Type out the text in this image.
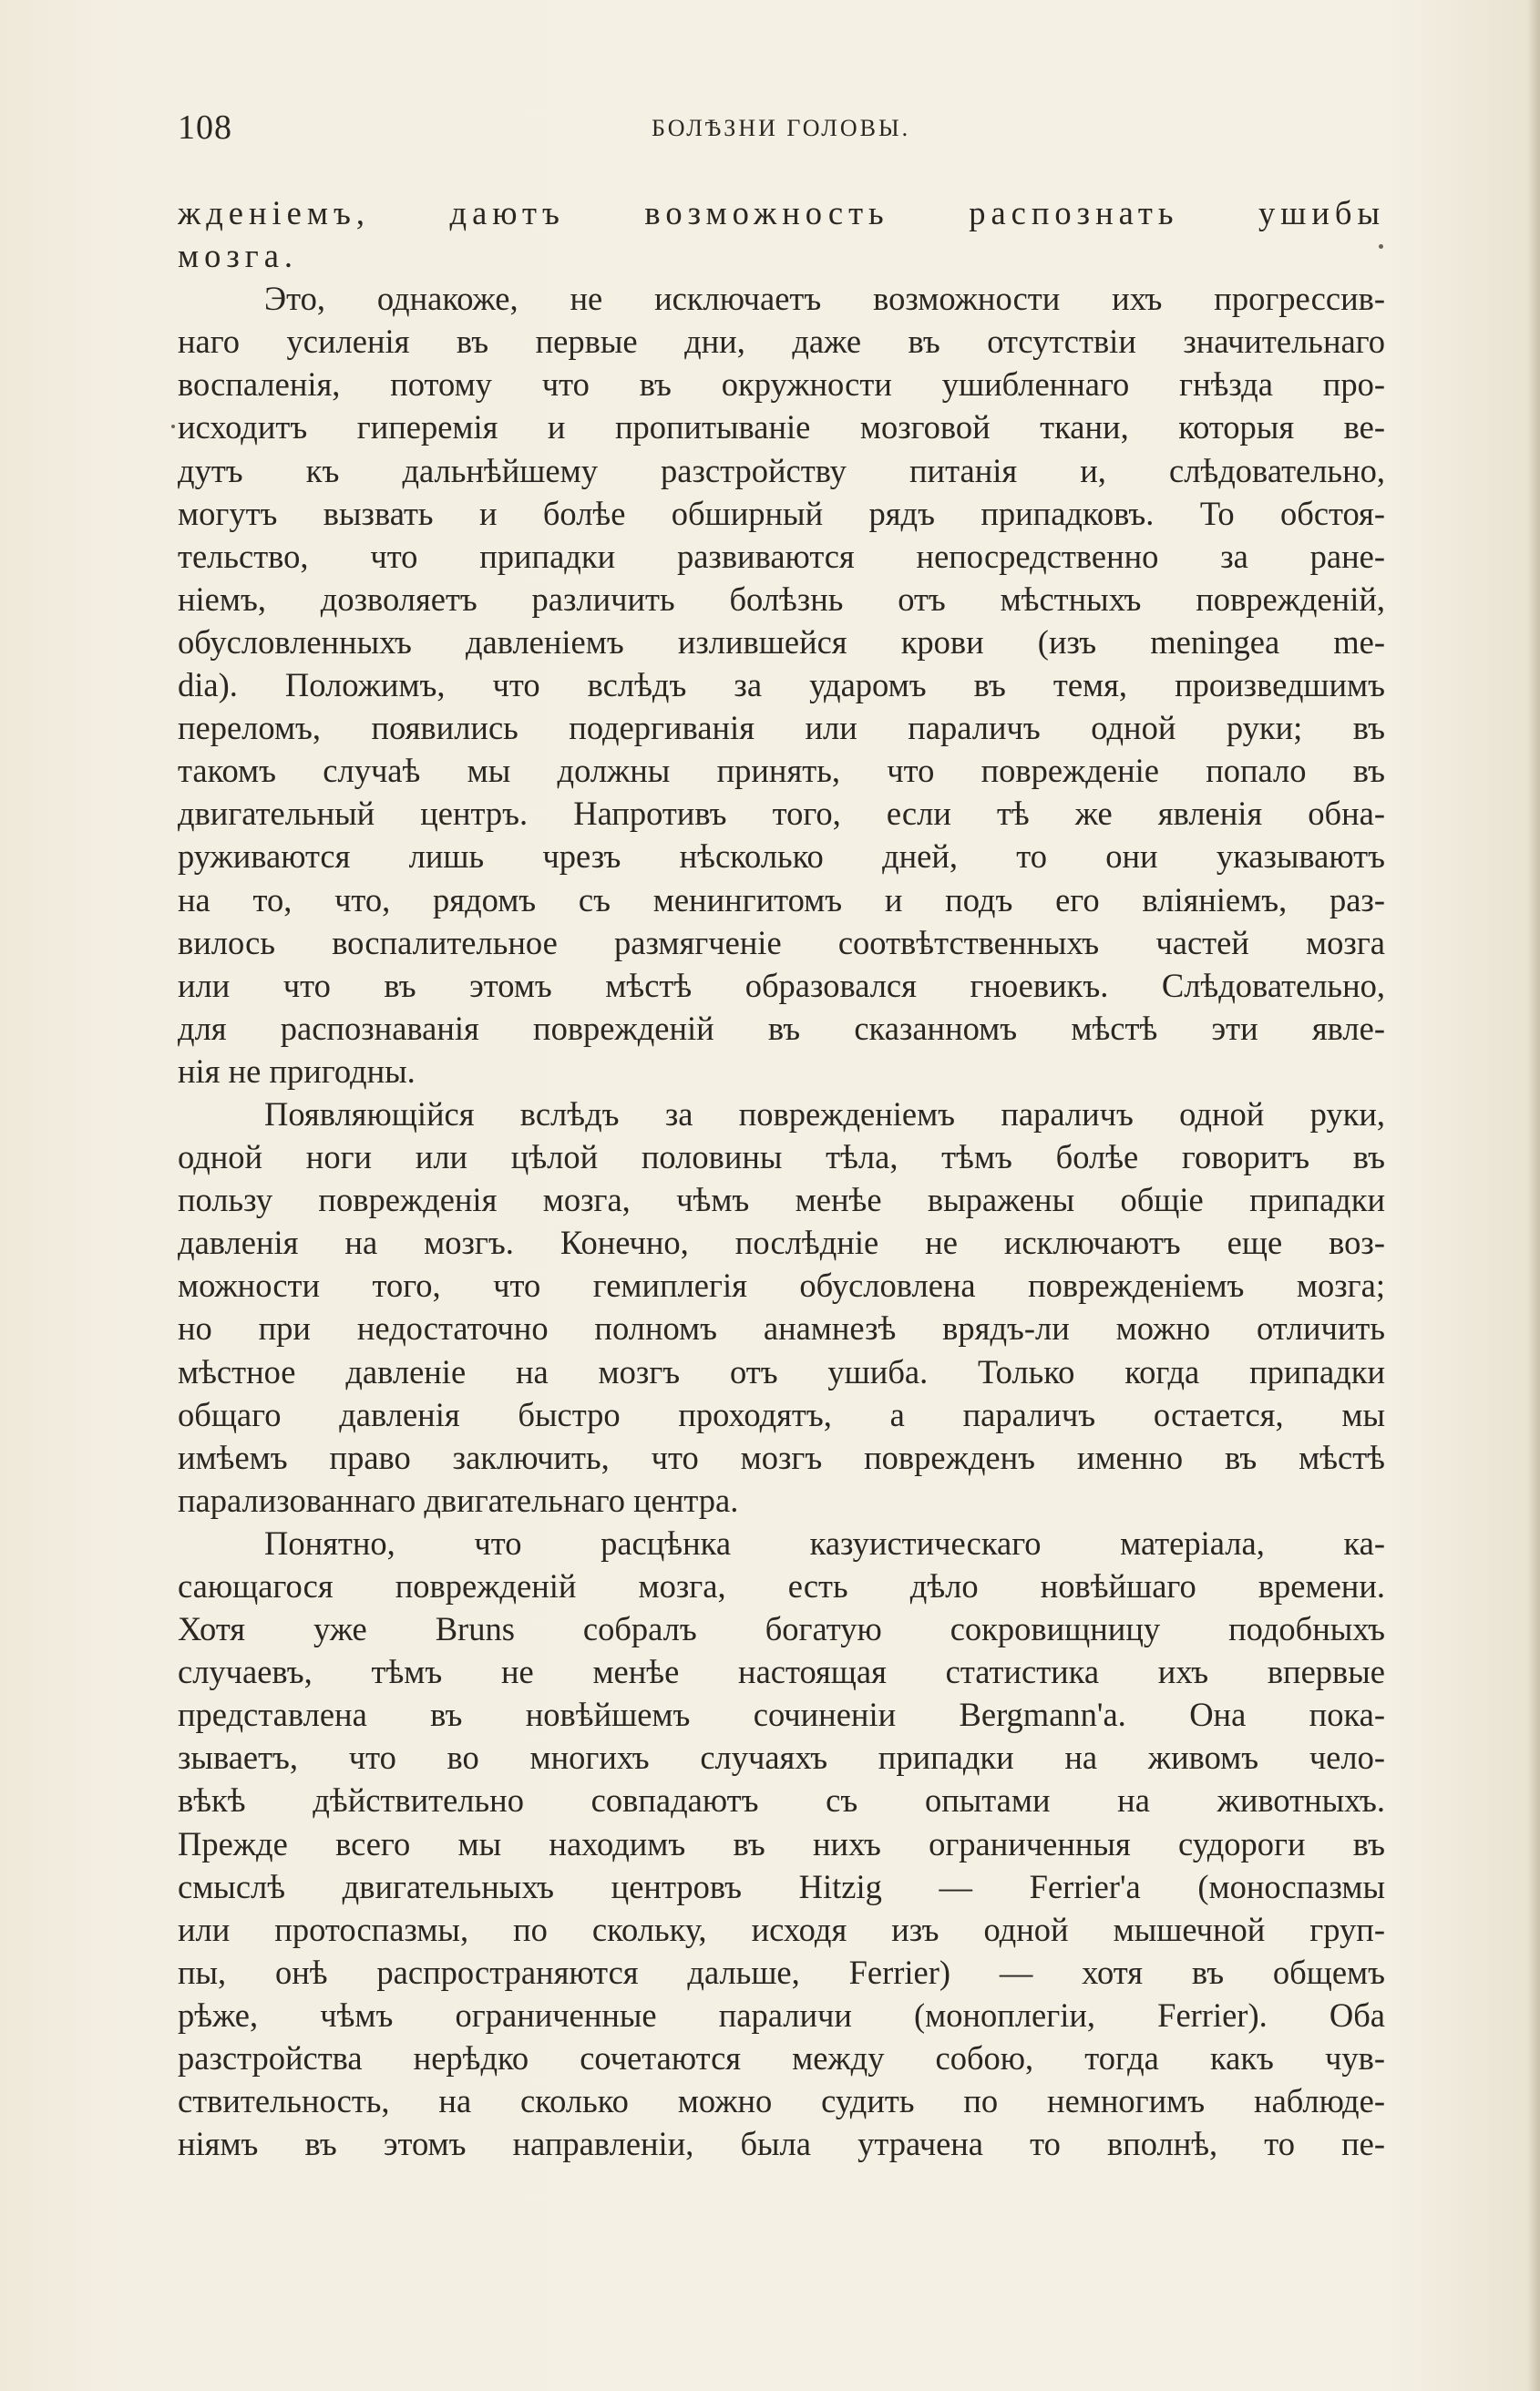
108	БОЛѢЗНИ ГОЛОВЫ.
жденіемъ, даютъ возможность распознать ушибы
мозга.
Это, однакоже, не исключаетъ возможности ихъ прогрессив-
наго усиленія въ первые дни, даже въ отсутствіи значительнаго
воспаленія, потому что въ окружности ушибленнаго гнѣзда про-
исходитъ гиперемія и пропитываніе мозговой ткани, которыя ве-
дутъ къ дальнѣйшему разстройству питанія и, слѣдовательно,
могутъ вызвать и болѣе обширный рядъ припадковъ. То обстоя-
тельство, что припадки развиваются непосредственно за ране-
ніемъ, дозволяетъ различить болѣзнь отъ мѣстныхъ поврежденій,
обусловленныхъ давленіемъ излившейся крови (изъ meningea me-
dia). Положимъ, что вслѣдъ за ударомъ въ темя, произведшимъ
переломъ, появились подергиванія или параличъ одной руки; въ
такомъ случаѣ мы должны принять, что поврежденіе попало въ
двигательный центръ. Напротивъ того, если тѣ же явленія обна-
руживаются лишь чрезъ нѣсколько дней, то они указываютъ
на то, что, рядомъ съ менингитомъ и подъ его вліяніемъ, раз-
вилось воспалительное размягченіе соотвѣтственныхъ частей мозга
или что въ этомъ мѣстѣ образовался гноевикъ. Слѣдовательно,
для распознаванія поврежденій въ сказанномъ мѣстѣ эти явле-
нія не пригодны.
Появляющійся вслѣдъ за поврежденіемъ параличъ одной руки,
одной ноги или цѣлой половины тѣла, тѣмъ болѣе говоритъ въ
пользу поврежденія мозга, чѣмъ менѣе выражены общіе припадки
давленія на мозгъ. Конечно, послѣдніе не исключаютъ еще воз-
можности того, что гемиплегія обусловлена поврежденіемъ мозга;
но при недостаточно полномъ анамнезѣ врядъ-ли можно отличить
мѣстное давленіе на мозгъ отъ ушиба. Только когда припадки
общаго давленія быстро проходятъ, а параличъ остается, мы
имѣемъ право заключить, что мозгъ поврежденъ именно въ мѣстѣ
парализованнаго двигательнаго центра.
Понятно, что расцѣнка казуистическаго матеріала, ка-
сающагося поврежденій мозга, есть дѣло новѣйшаго времени.
Хотя уже Bruns собралъ богатую сокровищницу подобныхъ
случаевъ, тѣмъ не менѣе настоящая статистика ихъ впервые
представлена въ новѣйшемъ сочиненіи Bergmann'a. Она пока-
зываетъ, что во многихъ случаяхъ припадки на живомъ чело-
вѣкѣ дѣйствительно совпадаютъ съ опытами на животныхъ.
Прежде всего мы находимъ въ нихъ ограниченныя судороги въ
смыслѣ двигательныхъ центровъ Hitzig — Ferrier'a (моноспазмы
или протоспазмы, по скольку, исходя изъ одной мышечной груп-
пы, онѣ распространяются дальше, Ferrier) — хотя въ общемъ
рѣже, чѣмъ ограниченные параличи (моноплегіи, Ferrier). Оба
разстройства нерѣдко сочетаются между собою, тогда какъ чув-
ствительность, на сколько можно судить по немногимъ наблюде-
ніямъ въ этомъ направленіи, была утрачена то вполнѣ, то пе-
